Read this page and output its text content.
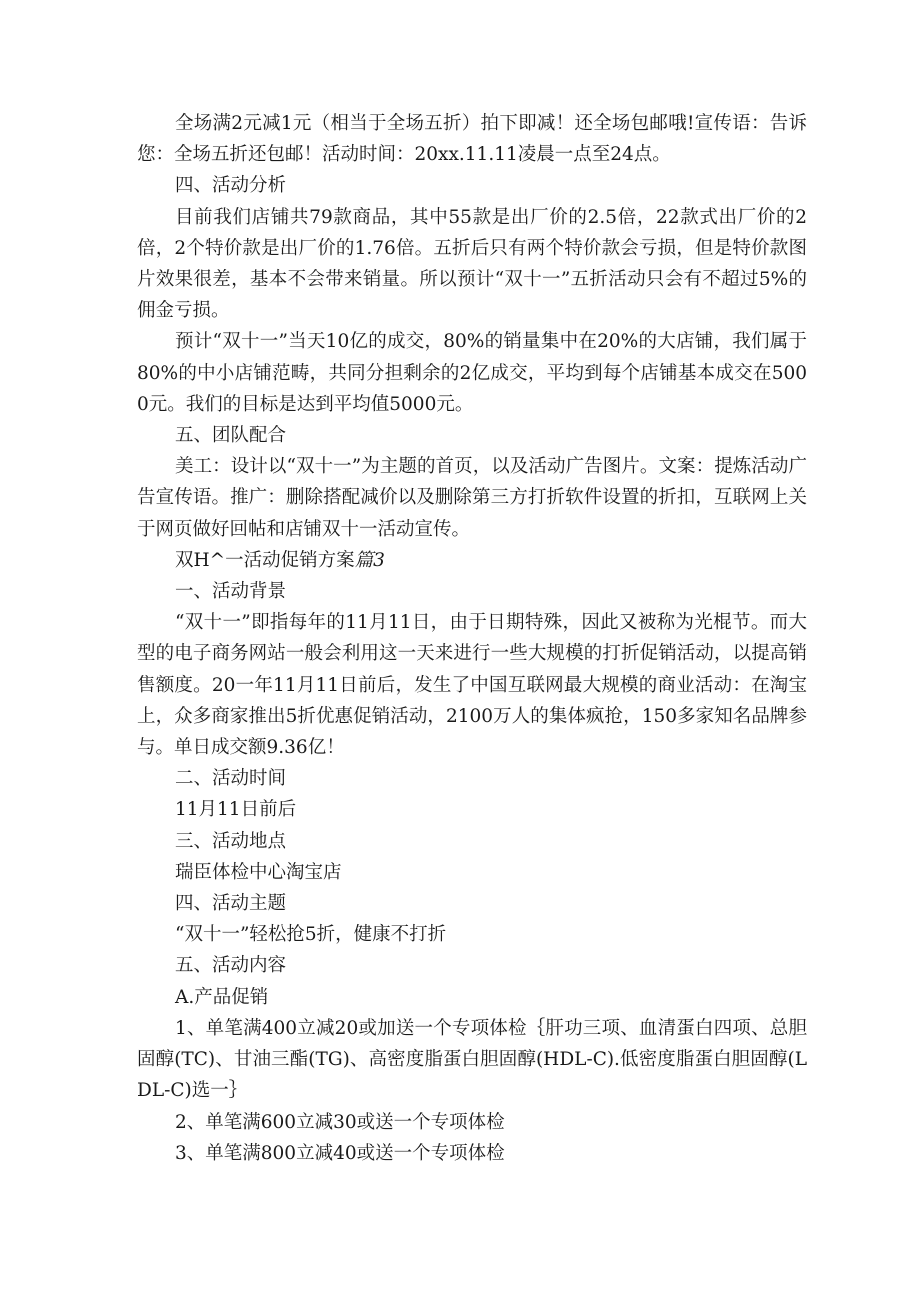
全场满2元减1元（相当于全场五折）拍下即减！还全场包邮哦!宣传语：告诉您：全场五折还包邮！活动时间：20xx.11.11凌晨一点至24点。
四、活动分析
目前我们店铺共79款商品，其中55款是出厂价的2.5倍，22款式出厂价的2倍，2个特价款是出厂价的1.76倍。五折后只有两个特价款会亏损，但是特价款图片效果很差，基本不会带来销量。所以预计“双十一”五折活动只会有不超过5%的佣金亏损。
预计“双十一”当天10亿的成交，80%的销量集中在20%的大店铺，我们属于80%的中小店铺范畴，共同分担剩余的2亿成交，平均到每个店铺基本成交在5000元。我们的目标是达到平均值5000元。
五、团队配合
美工：设计以“双十一”为主题的首页，以及活动广告图片。文案：提炼活动广告宣传语。推广：删除搭配减价以及删除第三方打折软件设置的折扣，互联网上关于网页做好回帖和店铺双十一活动宣传。
双H^一活动促销方案篇3
一、活动背景
“双十一”即指每年的11月11日，由于日期特殊，因此又被称为光棍节。而大型的电子商务网站一般会利用这一天来进行一些大规模的打折促销活动，以提高销售额度。20一年11月11日前后，发生了中国互联网最大规模的商业活动：在淘宝上，众多商家推出5折优惠促销活动，2100万人的集体疯抢，150多家知名品牌参与。单日成交额9.36亿！
二、活动时间
11月11日前后
三、活动地点
瑞臣体检中心淘宝店
四、活动主题
“双十一”轻松抢5折，健康不打折
五、活动内容
A.产品促销
1、单笔满400立减20或加送一个专项体检｛肝功三项、血清蛋白四项、总胆固醇(TC)、甘油三酯(TG)、高密度脂蛋白胆固醇(HDL-C).低密度脂蛋白胆固醇(LDL-C)选一｝
2、单笔满600立减30或送一个专项体检
3、单笔满800立减40或送一个专项体检
